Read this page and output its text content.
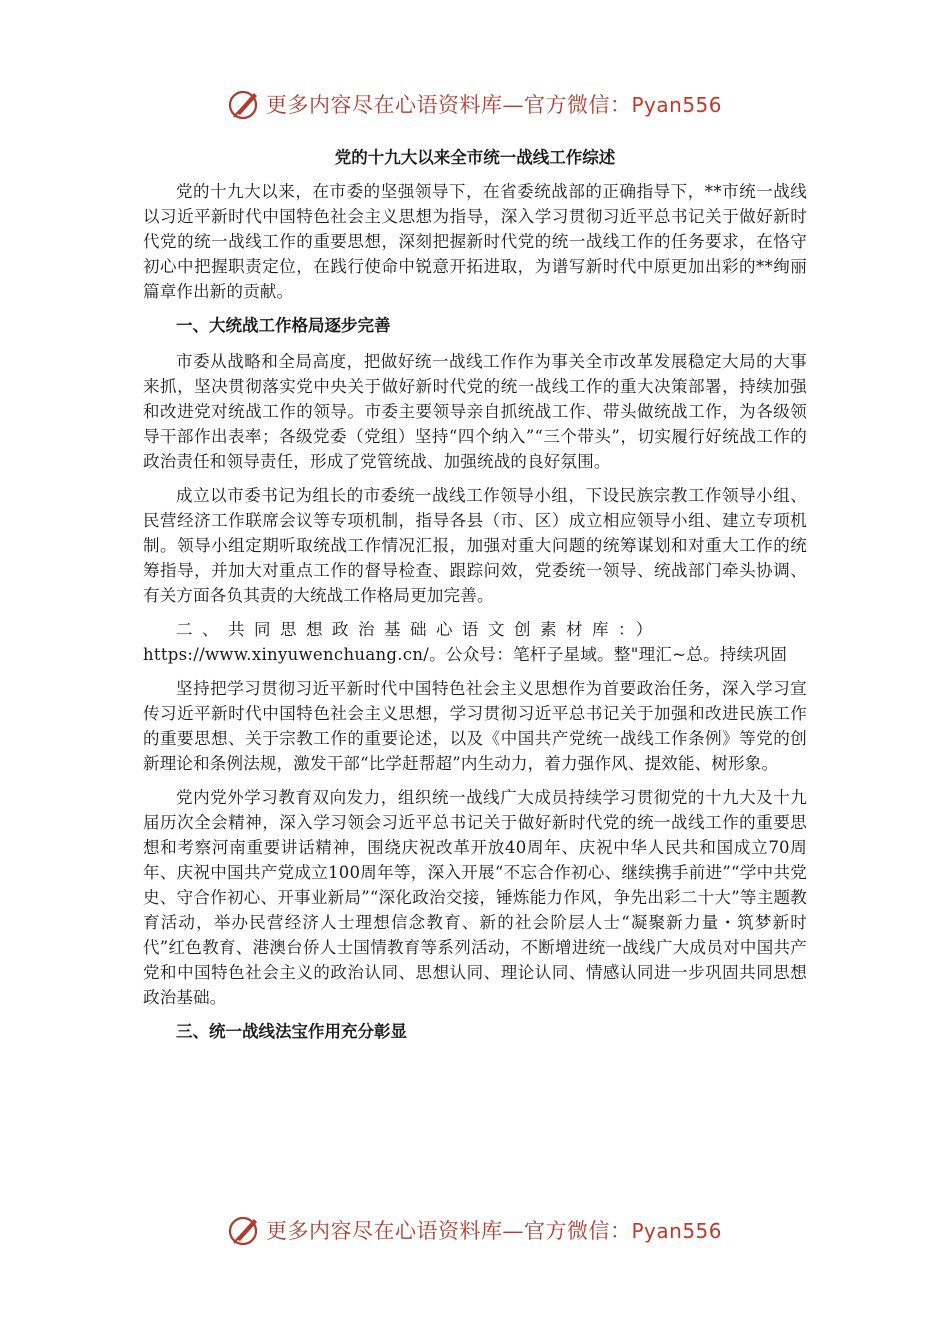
更多内容尽在心语资料库—官方微信：Pyan556
党的十九大以来全市统一战线工作综述

党的十九大以来，在市委的坚强领导下，在省委统战部的正确指导下，**市统一战线以习近平新时代中国特色社会主义思想为指导，深入学习贯彻习近平总书记关于做好新时代党的统一战线工作的重要思想，深刻把握新时代党的统一战线工作的任务要求，在恪守初心中把握职责定位，在践行使命中锐意开拓进取，为谱写新时代中原更加出彩的**绚丽篇章作出新的贡献。

一、大统战工作格局逐步完善

市委从战略和全局高度，把做好统一战线工作作为事关全市改革发展稳定大局的大事来抓，坚决贯彻落实党中央关于做好新时代党的统一战线工作的重大决策部署，持续加强和改进党对统战工作的领导。市委主要领导亲自抓统战工作、带头做统战工作，为各级领导干部作出表率；各级党委（党组）坚持“四个纳入”“三个带头”，切实履行好统战工作的政治责任和领导责任，形成了党管统战、加强统战的良好氛围。

成立以市委书记为组长的市委统一战线工作领导小组，下设民族宗教工作领导小组、民营经济工作联席会议等专项机制，指导各县（市、区）成立相应领导小组、建立专项机制。领导小组定期听取统战工作情况汇报，加强对重大问题的统筹谋划和对重大工作的统筹指导，并加大对重点工作的督导检查、跟踪问效，党委统一领导、统战部门牵头协调、有关方面各负其责的大统战工作格局更加完善。

二、共同思想政治基础心语文创素材库：）https://www.xinyuwenchuang.cn/。公众号：笔杆子星域。整"理汇~总。持续巩固

坚持把学习贯彻习近平新时代中国特色社会主义思想作为首要政治任务，深入学习宣传习近平新时代中国特色社会主义思想，学习贯彻习近平总书记关于加强和改进民族工作的重要思想、关于宗教工作的重要论述，以及《中国共产党统一战线工作条例》等党的创新理论和条例法规，激发干部“比学赶帮超”内生动力，着力强作风、提效能、树形象。

党内党外学习教育双向发力，组织统一战线广大成员持续学习贯彻党的十九大及十九届历次全会精神，深入学习领会习近平总书记关于做好新时代党的统一战线工作的重要思想和考察河南重要讲话精神，围绕庆祝改革开放40周年、庆祝中华人民共和国成立70周年、庆祝中国共产党成立100周年等，深入开展“不忘合作初心、继续携手前进”“学中共党史、守合作初心、开事业新局”“深化政治交接，锤炼能力作风，争先出彩二十大”等主题教育活动，举办民营经济人士理想信念教育、新的社会阶层人士“凝聚新力量・筑梦新时代”红色教育、港澳台侨人士国情教育等系列活动，不断增进统一战线广大成员对中国共产党和中国特色社会主义的政治认同、思想认同、理论认同、情感认同进一步巩固共同思想政治基础。

三、统一战线法宝作用充分彰显
更多内容尽在心语资料库—官方微信：Pyan556
